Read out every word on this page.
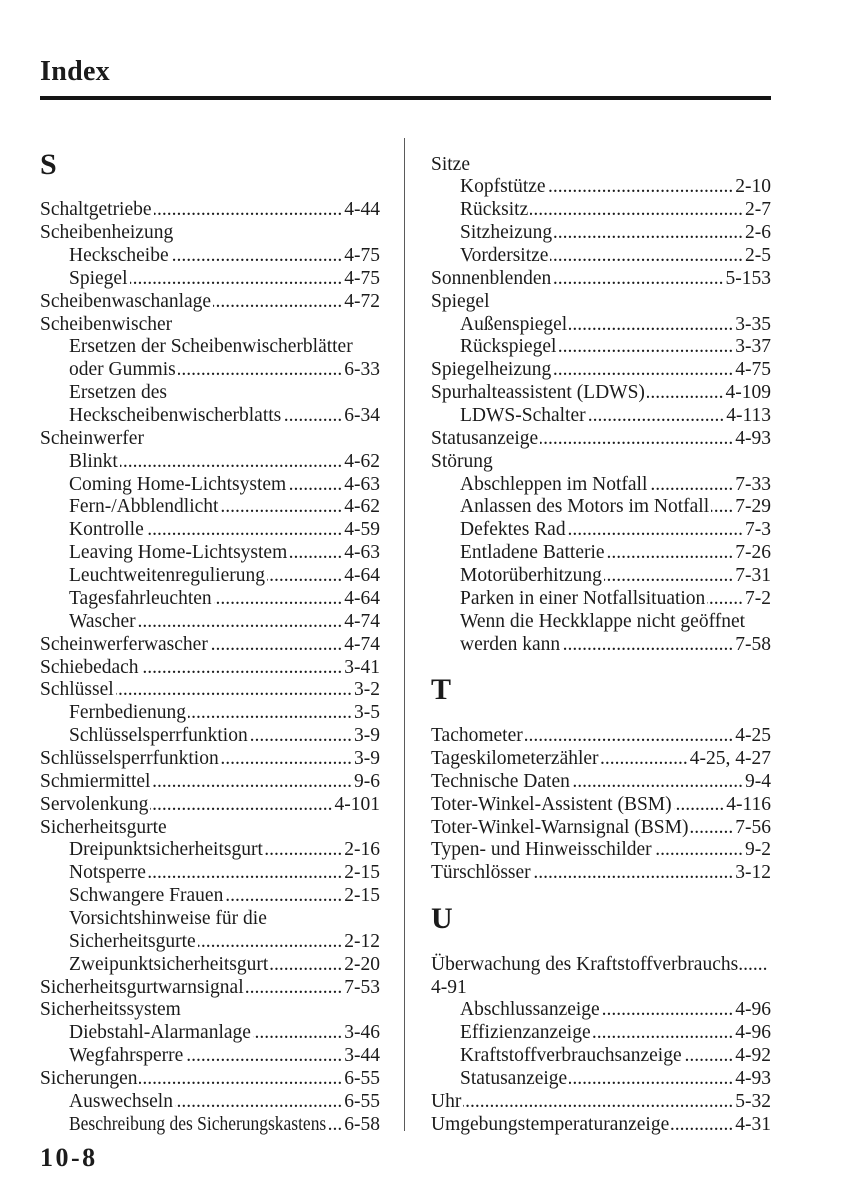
Index
S
Schaltgetriebe .....	4-44
Scheibenheizung
Heckscheibe .....	4-75
Spiegel .....	4-75
Scheibenwaschanlage .....	4-72
Scheibenwischer
Ersetzen der Scheibenwischerblätter
oder Gummis .....	6-33
Ersetzen des
Heckscheibenwischerblatts .....	6-34
Scheinwerfer
Blinkt .....	4-62
Coming Home-Lichtsystem .....	4-63
Fern-/Abblendlicht .....	4-62
Kontrolle .....	4-59
Leaving Home-Lichtsystem .....	4-63
Leuchtweitenregulierung .....	4-64
Tagesfahrleuchten .....	4-64
Wascher .....	4-74
Scheinwerferwascher .....	4-74
Schiebedach .....	3-41
Schlüssel .....	3-2
Fernbedienung .....	3-5
Schlüsselsperrfunktion .....	3-9
Schlüsselsperrfunktion .....	3-9
Schmiermittel .....	9-6
Servolenkung .....	4-101
Sicherheitsgurte
Dreipunktsicherheitsgurt .....	2-16
Notsperre .....	2-15
Schwangere Frauen .....	2-15
Vorsichtshinweise für die
Sicherheitsgurte .....	2-12
Zweipunktsicherheitsgurt .....	2-20
Sicherheitsgurtwarnsignal .....	7-53
Sicherheitssystem
Diebstahl-Alarmanlage .....	3-46
Wegfahrsperre .....	3-44
Sicherungen .....	6-55
Auswechseln .....	6-55
Beschreibung des Sicherungskastens ..... 6-58
Sitze
Kopfstütze .....	2-10
Rücksitz .....	2-7
Sitzheizung .....	2-6
Vordersitze .....	2-5
Sonnenblenden .....	5-153
Spiegel
Außenspiegel .....	3-35
Rückspiegel .....	3-37
Spiegelheizung .....	4-75
Spurhalteassistent (LDWS) .....	4-109
LDWS-Schalter .....	4-113
Statusanzeige .....	4-93
Störung
Abschleppen im Notfall .....	7-33
Anlassen des Motors im Notfall ..... 7-29
Defektes Rad .....	7-3
Entladene Batterie .....	7-26
Motorüberhitzung .....	7-31
Parken in einer Notfallsituation ..... 7-2
Wenn die Heckklappe nicht geöffnet
werden kann .....	7-58
T
Tachometer .....	4-25
Tageskilometerzähler .....	4-25, 4-27
Technische Daten .....	9-4
Toter-Winkel-Assistent (BSM) .....	4-116
Toter-Winkel-Warnsignal (BSM) ..... 7-56
Typen- und Hinweisschilder .....	9-2
Türschlösser .....	3-12
U
Überwachung des Kraftstoffverbrauchs......
4-91
Abschlussanzeige .....	4-96
Effizienzanzeige .....	4-96
Kraftstoffverbrauchsanzeige .....	4-92
Statusanzeige .....	4-93
Uhr .....	5-32
Umgebungstemperaturanzeige .....	4-31
10-8
